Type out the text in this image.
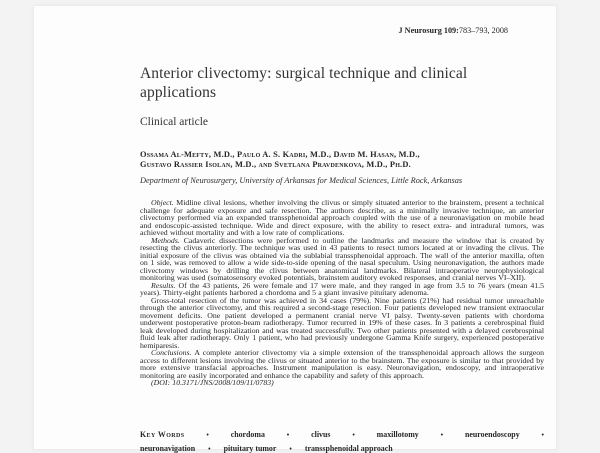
J Neurosurg 109:783–793, 2008
Anterior clivectomy: surgical technique and clinical applications
Clinical article
Ossama Al-Mefty, M.D., Paulo A. S. Kadri, M.D., David M. Hasan, M.D.,
Gustavo Rassier Isolan, M.D., and Svetlana Pravdenkova, M.D., Ph.D.
Department of Neurosurgery, University of Arkansas for Medical Sciences, Little Rock, Arkansas

Object. Midline clival lesions, whether involving the clivus or simply situated anterior to the brainstem, present a technical challenge for adequate exposure and safe resection. The authors describe, as a minimally invasive technique, an anterior clivectomy performed via an expanded transsphenoidal approach coupled with the use of a neuronavigation on mobile head and endoscopic-assisted technique. Wide and direct exposure, with the ability to resect extra- and intradural tumors, was achieved without mortality and with a low rate of complications.

Methods. Cadaveric dissections were performed to outline the landmarks and measure the window that is created by resecting the clivus anteriorly. The technique was used in 43 patients to resect tumors located at or invading the clivus. The initial exposure of the clivus was obtained via the sublabial transsphenoidal approach. The wall of the anterior maxilla, often on 1 side, was removed to allow a wide side-to-side opening of the nasal speculum. Using neuronavigation, the authors made clivectomy windows by drilling the clivus between anatomical landmarks. Bilateral intraoperative neurophysiological monitoring was used (somatosensory evoked potentials, brainstem auditory evoked responses, and cranial nerves VI–XII).

Results. Of the 43 patients, 26 were female and 17 were male, and they ranged in age from 3.5 to 76 years (mean 41.5 years). Thirty-eight patients harbored a chordoma and 5 a giant invasive pituitary adenoma.

Gross-total resection of the tumor was achieved in 34 cases (79%). Nine patients (21%) had residual tumor unreachable through the anterior clivectomy, and this required a second-stage resection. Four patients developed new transient extraocular movement deficits. One patient developed a permanent cranial nerve VI palsy. Twenty-seven patients with chordoma underwent postoperative proton-beam radiotherapy. Tumor recurred in 19% of these cases. In 3 patients a cerebrospinal fluid leak developed during hospitalization and was treated successfully. Two other patients presented with a delayed cerebrospinal fluid leak after radiotherapy. Only 1 patient, who had previously undergone Gamma Knife surgery, experienced postoperative hemiparesis.

Conclusions. A complete anterior clivectomy via a simple extension of the transsphenoidal approach allows the surgeon access to different lesions involving the clivus or situated anterior to the brainstem. The exposure is similar to that provided by more extensive transfacial approaches. Instrument manipulation is easy. Neuronavigation, endoscopy, and intraoperative monitoring are easily incorporated and enhance the capability and safety of this approach.

(DOI: 10.3171/JNS/2008/109/11/0783)

Key Words	•	chordoma	•	clivus	•	maxillotomy	•	neuroendoscopy	•
neuronavigation • pituitary tumor • transsphenoidal approach
